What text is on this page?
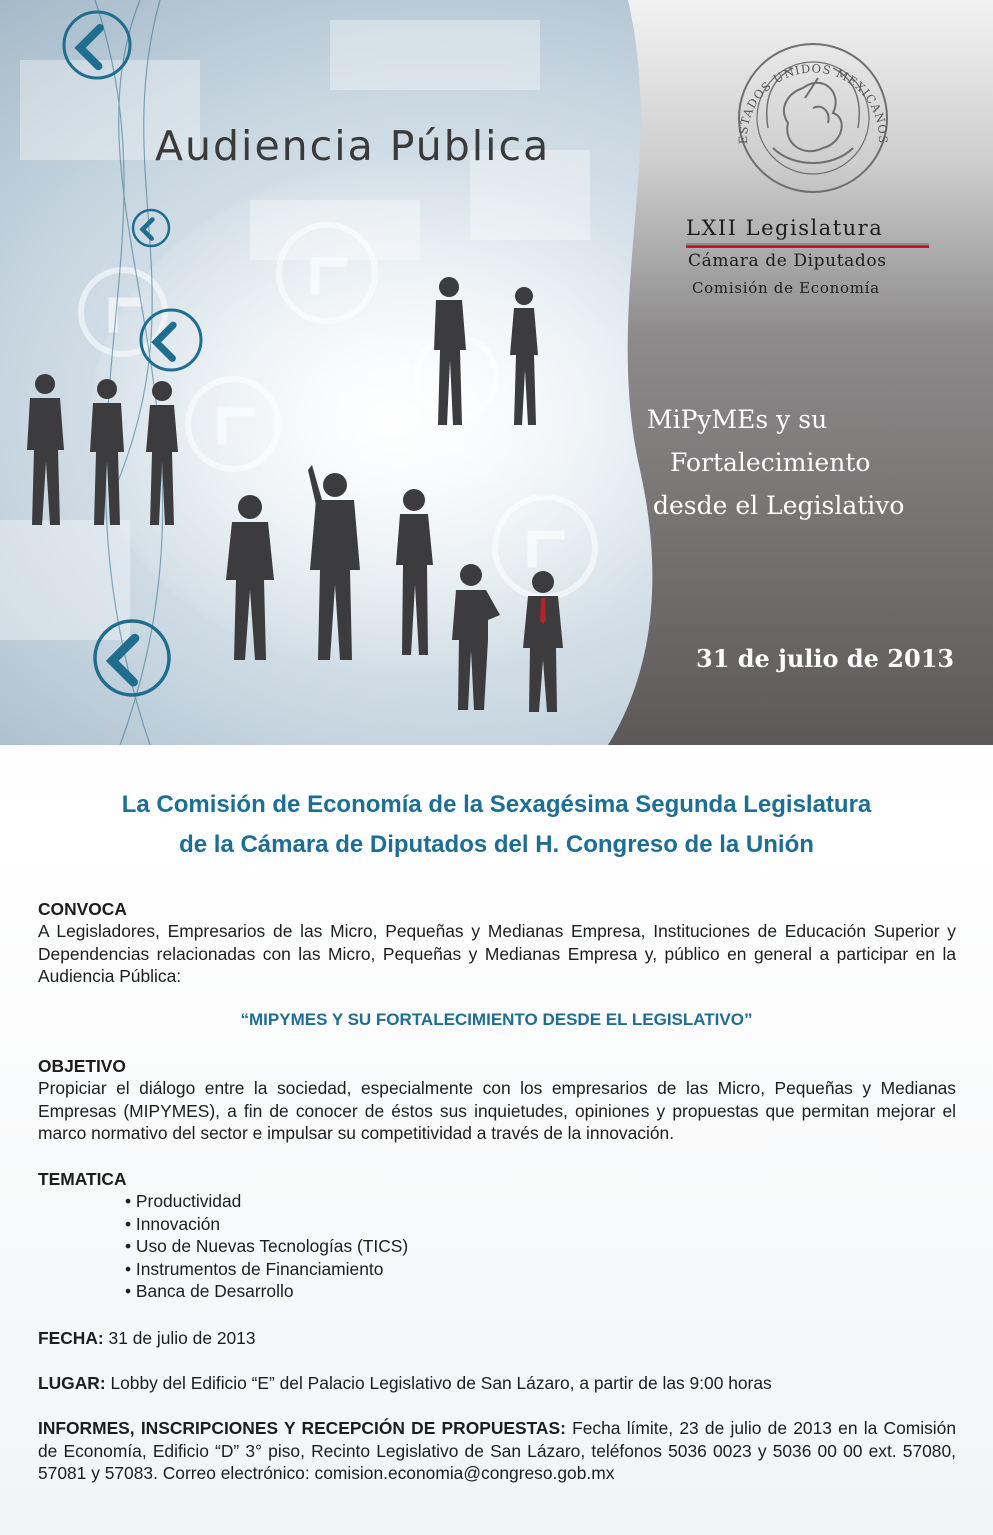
ESTADOS UNIDOS MEXICANOS
Audiencia Pública
LXII Legislatura
Cámara de Diputados
Comisión de Economía
MiPyMEs y su
Fortalecimiento
desde el Legislativo
31 de julio de 2013
La Comisión de Economía de la Sexagésima Segunda Legislatura
de la Cámara de Diputados del H. Congreso de la Unión
CONVOCA
A Legisladores, Empresarios de las Micro, Pequeñas y Medianas Empresa, Instituciones de Educación Superior y Dependencias relacionadas con las Micro, Pequeñas y Medianas Empresa y, público en general a participar en la Audiencia Pública:
“MIPYMES Y SU FORTALECIMIENTO DESDE EL LEGISLATIVO”
OBJETIVO
Propiciar el diálogo entre la sociedad, especialmente con los empresarios de las Micro, Pequeñas y Medianas Empresas (MIPYMES), a fin de conocer de éstos sus inquietudes, opiniones y propuestas que permitan mejorar el marco normativo del sector e impulsar su competitividad a través de la innovación.
TEMATICA
• Productividad
• Innovación
• Uso de Nuevas Tecnologías (TICS)
• Instrumentos de Financiamiento
• Banca de Desarrollo
FECHA: 31 de julio de 2013
LUGAR: Lobby del Edificio “E” del Palacio Legislativo de San Lázaro, a partir de las 9:00 horas
INFORMES, INSCRIPCIONES Y RECEPCIÓN DE PROPUESTAS: Fecha límite, 23 de julio de 2013 en la Comisión de Economía, Edificio “D” 3° piso, Recinto Legislativo de San Lázaro, teléfonos 5036 0023 y 5036 00 00 ext. 57080, 57081 y 57083. Correo electrónico: comision.economia@congreso.gob.mx
